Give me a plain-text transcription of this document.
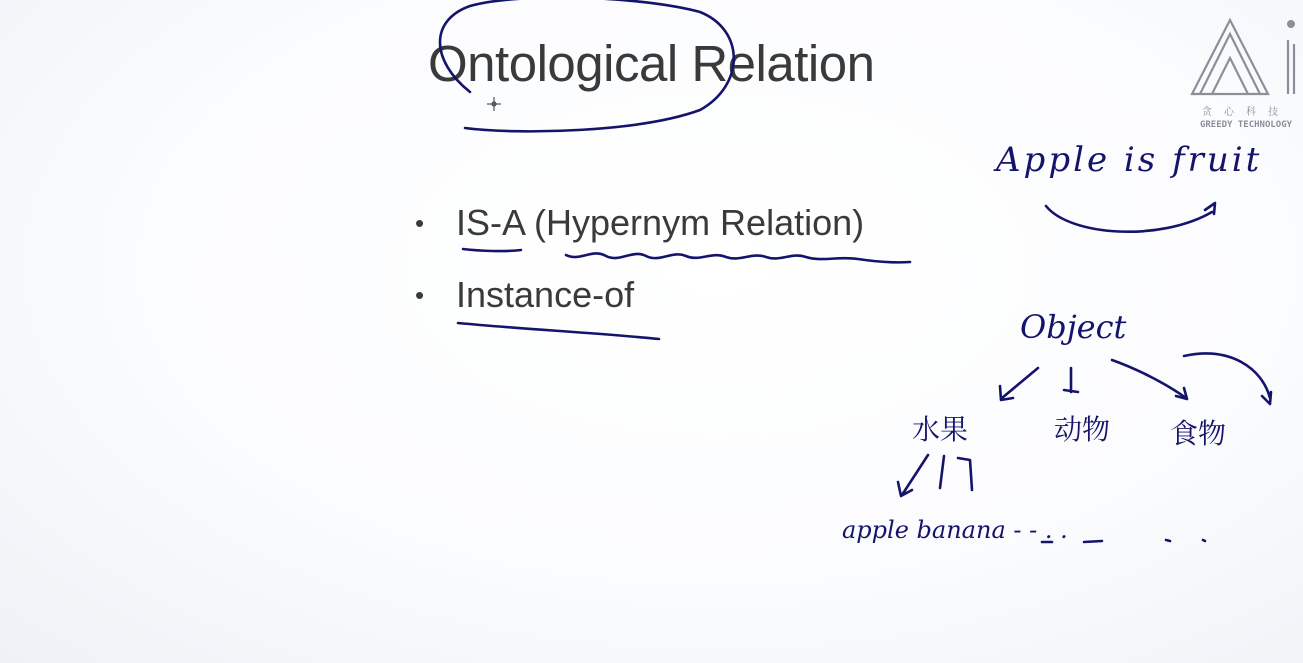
Ontological Relation
• IS-A (Hypernym Relation)
• Instance-of
贪心科技
GREEDY TECHNOLOGY
Apple is fruit
Object
水果	动物 食物
apple banana - - . .
